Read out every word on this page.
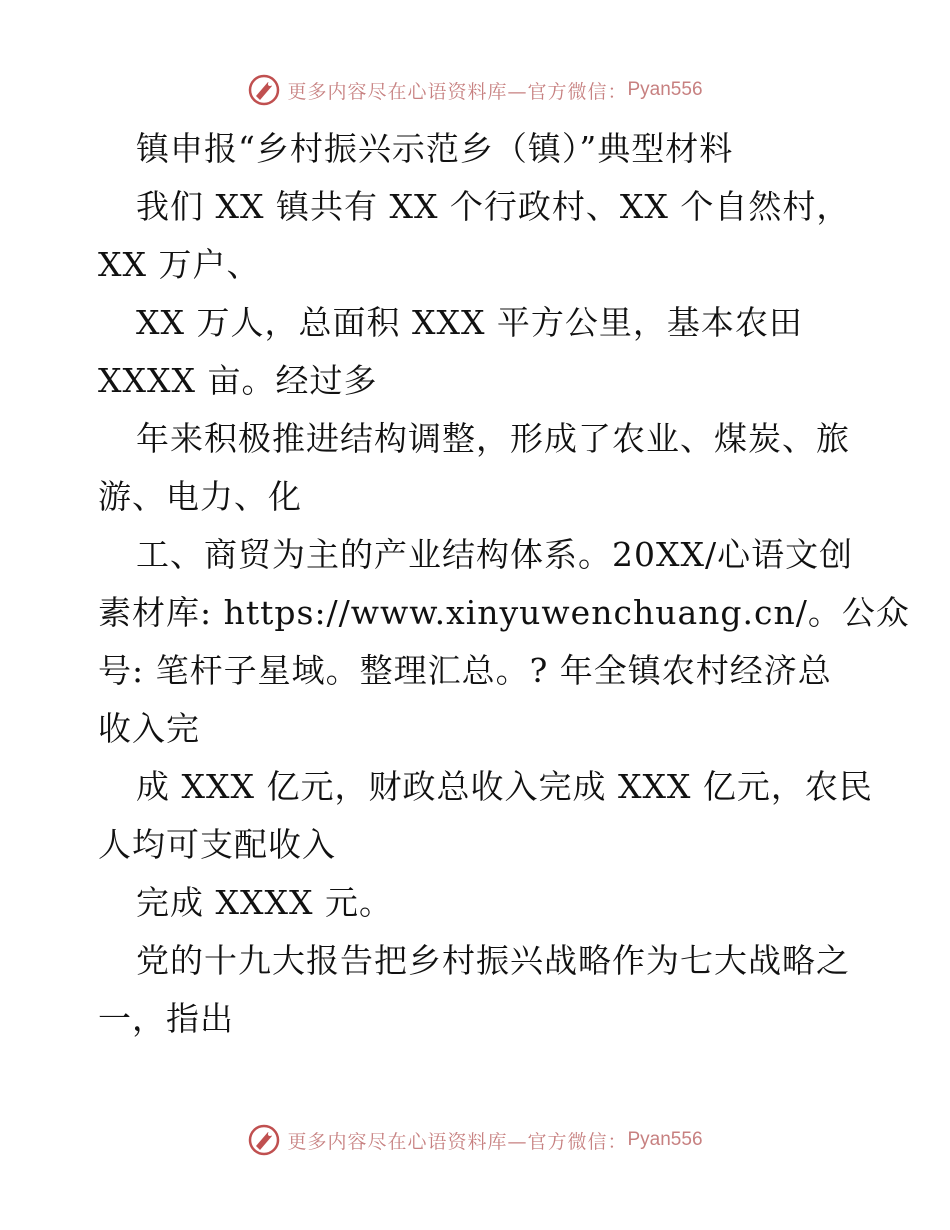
更多内容尽在心语资料库—官方微信： Pyan556
镇申报“乡村振兴示范乡（镇）”典型材料
我们 XX 镇共有 XX 个行政村、XX 个自然村，
XX 万户、
XX 万人，总面积 XXX 平方公里，基本农田
XXXX 亩。经过多
年来积极推进结构调整，形成了农业、煤炭、旅
游、电力、化
工、商贸为主的产业结构体系。20XX/心语文创
素材库: https://www.xinyuwenchuang.cn/。公众
号: 笔杆子星域。整理汇总。? 年全镇农村经济总
收入完
成 XXX 亿元，财政总收入完成 XXX 亿元，农民
人均可支配收入
完成 XXXX 元。
党的十九大报告把乡村振兴战略作为七大战略之
一，指出
更多内容尽在心语资料库—官方微信： Pyan556
